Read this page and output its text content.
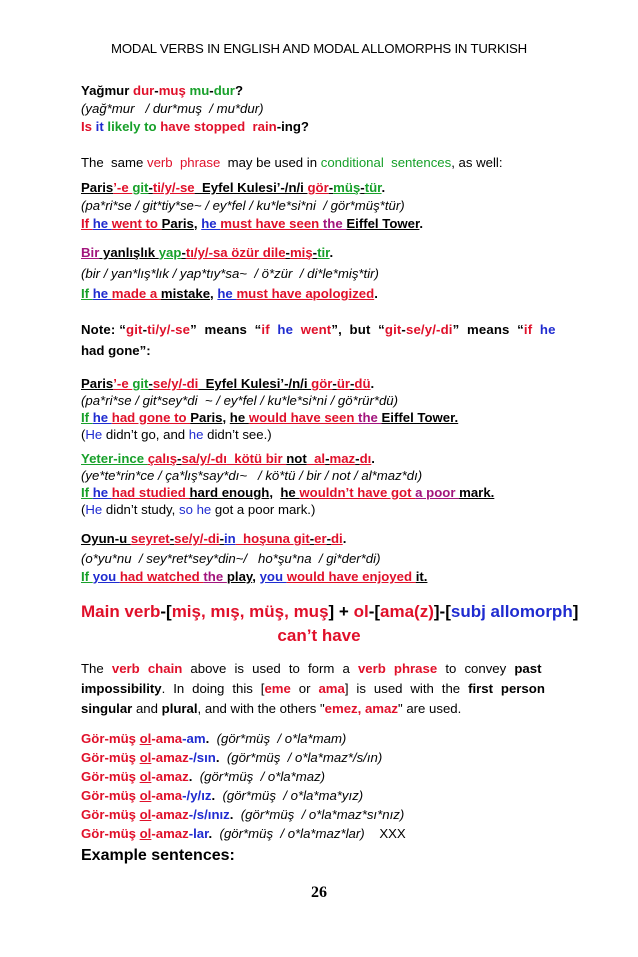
MODAL VERBS IN ENGLISH AND MODAL ALLOMORPHS IN TURKISH
Yağmur dur-muş mu-dur?
(yağ*mur   / dur*muş  / mu*dur)
Is it likely to have stopped  rain-ing?
The  same verb  phrase  may be used in conditional  sentences, as well:
Paris’-e git-ti/y/-se  Eyfel Kulesi’-/n/i gör-müş-tür.
(pa*ri*se / git*tiy*se~ / ey*fel / ku*le*si*ni  / gör*müş*tür)
If he went to Paris, he must have seen the Eiffel Tower.
Bir yanlışlık yap-tı/y/-sa özür dile-miş-tir.
(bir / yan*lış*lık / yap*tıy*sa~  / ö*zür  / di*le*miş*tir)
If he made a mistake, he must have apologized.
Note: “git-ti/y/-se”  means  “if  he  went”,  but  “git-se/y/-di”  means  “if  he
had gone”:
Paris’-e git-se/y/-di  Eyfel Kulesi’-/n/i gör-ür-dü.
(pa*ri*se / git*sey*di  ~ / ey*fel / ku*le*si*ni / gö*rür*dü)
If he had gone to Paris, he would have seen the Eiffel Tower.
(He didn’t go, and he didn’t see.)
Yeter-ince çalış-sa/y/-dı  kötü bir not  al-maz-dı.
(ye*te*rin*ce / ça*lış*say*dı~   / kö*tü / bir / not / al*maz*dı)
If he had studied hard enough,  he wouldn’t have got a poor mark.
(He didn’t study, so he got a poor mark.)
Oyun-u seyret-se/y/-di-in  hoşuna git-er-di.
(o*yu*nu  / sey*ret*sey*din~/   ho*şu*na  / gi*der*di)
If you had watched the play, you would have enjoyed it.
Main verb-[miş, mış, müş, muş] + ol-[ama(z)]-[subj allomorph]
can’t have
The  verb  chain  above  is  used  to  form  a  verb  phrase  to  convey  past
impossibility.  In  doing  this  [eme  or  ama]  is  used  with  the  first  person
singular and plural, and with the others "emez, amaz" are used.
Gör-müş ol-ama-am. (gör*müş  / o*la*mam)
Gör-müş ol-amaz-/sın. (gör*müş  / o*la*maz*/s/ın)
Gör-müş ol-amaz. (gör*müş  / o*la*maz)
Gör-müş ol-ama-/y/ız. (gör*müş  / o*la*ma*yız)
Gör-müş ol-amaz-/s/ınız. (gör*müş  / o*la*maz*sı*nız)
Gör-müş ol-amaz-lar. (gör*müş  / o*la*maz*lar) XXX
Example sentences:
26
